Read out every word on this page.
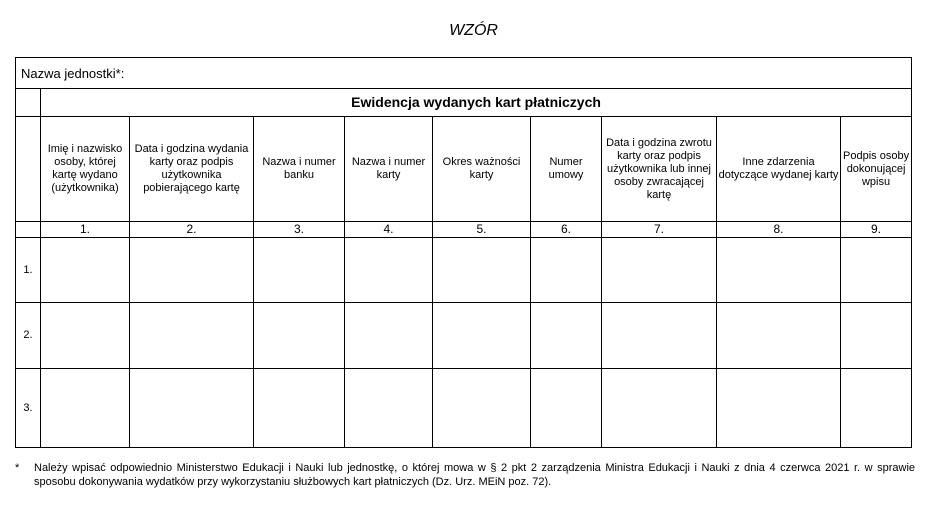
WZÓR
Nazwa jednostki*:									
	Ewidencja wydanych kart płatniczych								
	Imię i nazwisko osoby, której kartę wydano (użytkownika)	Data i godzina wydania karty oraz podpis użytkownika pobierającego kartę	Nazwa i numer banku	Nazwa i numer karty	Okres ważności karty	Numer umowy	Data i godzina zwrotu karty oraz podpis użytkownika lub innej osoby zwracającej kartę	Inne zdarzenia dotyczące wydanej karty	Podpis osoby dokonującej wpisu
	1.	2.	3.	4.	5.	6.	7.	8.	9.
1.									
2.									
3.									
* Należy wpisać odpowiednio Ministerstwo Edukacji i Nauki lub jednostkę, o której mowa w § 2 pkt 2 zarządzenia Ministra Edukacji i Nauki z dnia 4 czerwca 2021 r. w sprawie sposobu dokonywania wydatków przy wykorzystaniu służbowych kart płatniczych (Dz. Urz. MEiN poz. 72).
